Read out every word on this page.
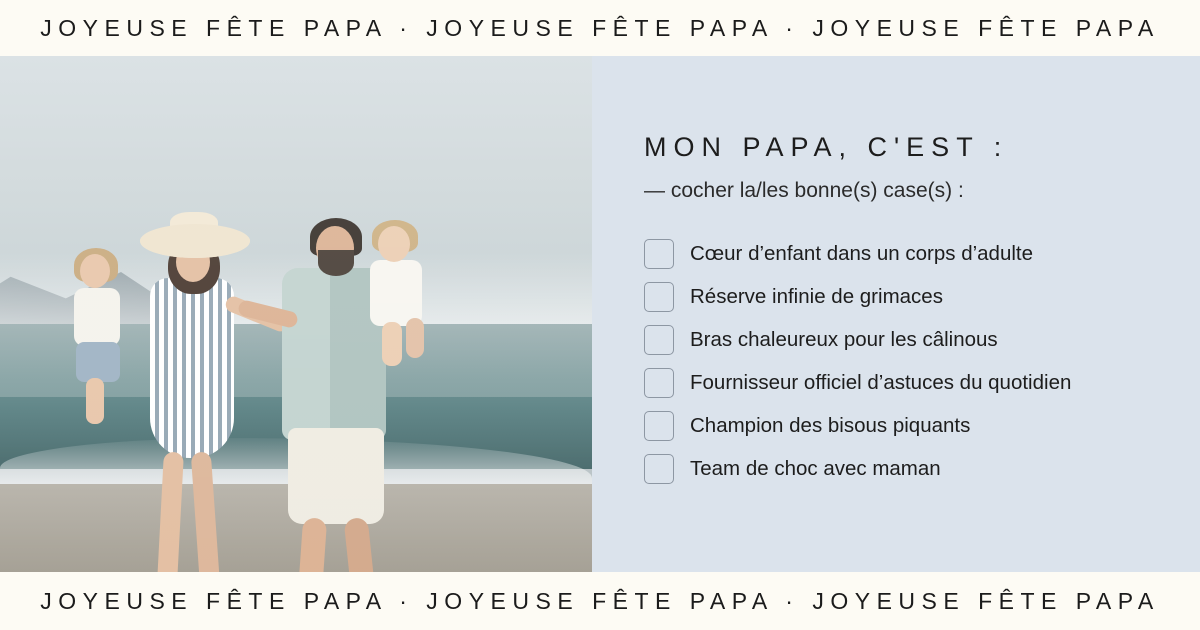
JOYEUSE FÊTE PAPA · JOYEUSE FÊTE PAPA · JOYEUSE FÊTE PAPA
MON PAPA, C'EST :
— cocher la/les bonne(s) case(s) :
Cœur d’enfant dans un corps d’adulte
Réserve infinie de grimaces
Bras chaleureux pour les câlinous
Fournisseur officiel d’astuces du quotidien
Champion des bisous piquants
Team de choc avec maman
JOYEUSE FÊTE PAPA · JOYEUSE FÊTE PAPA · JOYEUSE FÊTE PAPA
